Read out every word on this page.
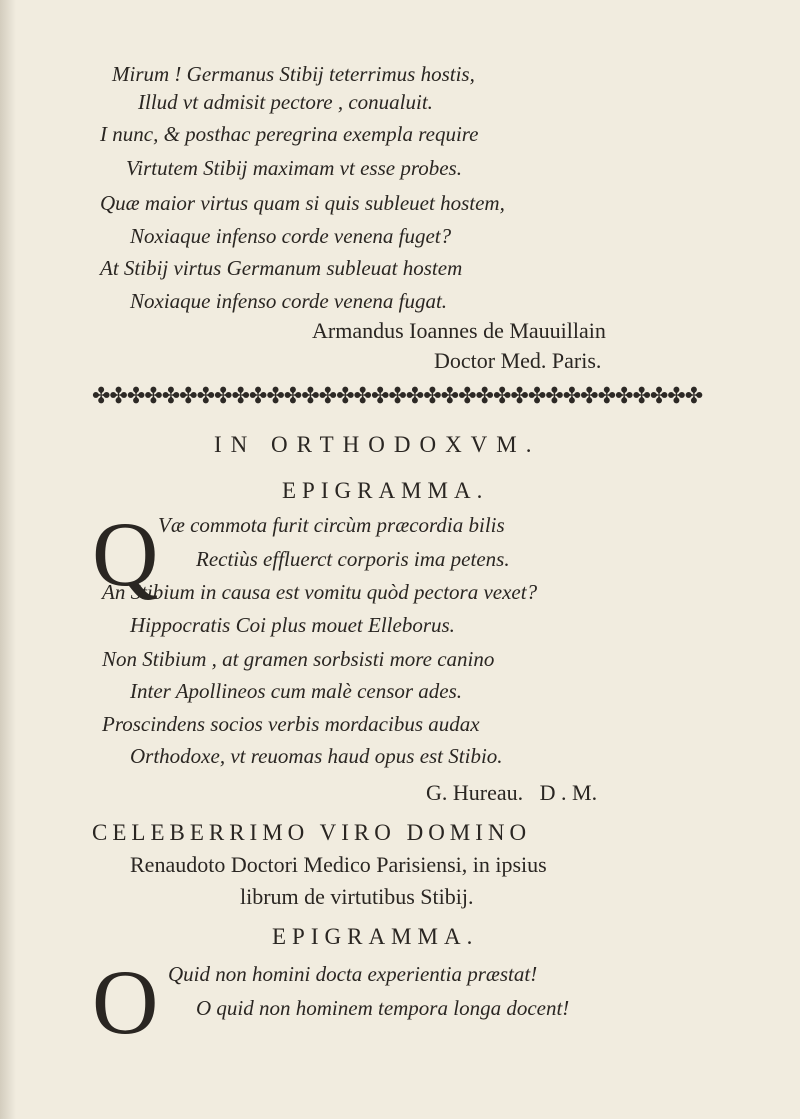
Mirum ! Germanus Stibij teterrimus hostis,
Illud vt admisit pectore , conualuit.
I nunc, & posthac peregrina exempla require
Virtutem Stibij maximam vt esse probes.
Quæ maior virtus quam si quis subleuet hostem,
Noxiaque infenso corde venena fuget?
At Stibij virtus Germanum subleuat hostem
Noxiaque infenso corde venena fugat.
Armandus Ioannes de Mauuillain
Doctor Med. Paris.
✤✤✤✤✤✤✤✤✤✤✤✤✤✤✤✤✤✤✤✤✤✤✤✤✤✤✤✤✤✤✤✤✤✤✤
IN ORTHODOXVM.
EPIGRAMMA.
Q Væ commota furit circùm præcordia bilis
Rectiùs effluerct corporis ima petens.
An Stibium in causa est vomitu quòd pectora vexet?
Hippocratis Coi plus mouet Elleborus.
Non Stibium , at gramen sorbsisti more canino
Inter Apollineos cum malè censor ades.
Proscindens socios verbis mordacibus audax
Orthodoxe, vt reuomas haud opus est Stibio.
G. Hureau.   D . M.
CELEBERRIMO VIRO DOMINO
Renaudoto Doctori Medico Parisiensi, in ipsius
librum de virtutibus Stibij.
EPIGRAMMA.
O Quid non homini docta experientia præstat!
O quid non hominem tempora longa docent!
